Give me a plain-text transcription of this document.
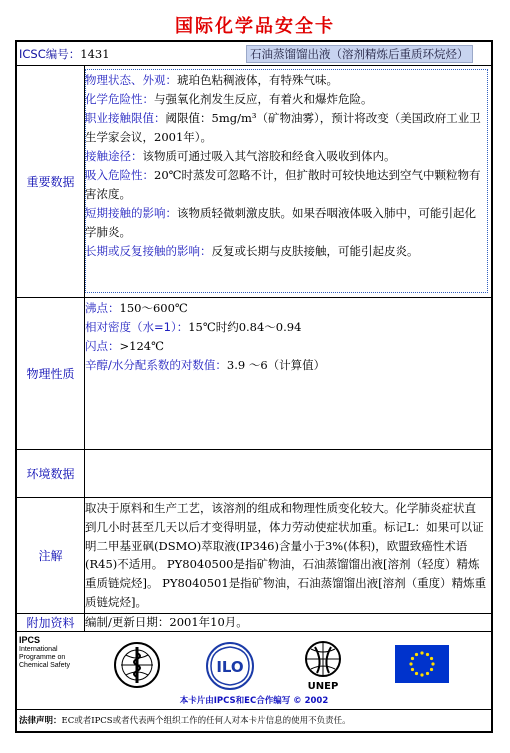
国际化学品安全卡
ICSC编号：1431	石油蒸馏馏出液（溶剂精炼后重质环烷烃）
重要数据
物理状态、外观：琥珀色粘稠液体，有特殊气味。
化学危险性：与强氧化剂发生反应，有着火和爆炸危险。
职业接触限值：阈限值：5mg/m³（矿物油雾），预计将改变（美国政府工业卫生学家会议，2001年）。
接触途径：该物质可通过吸入其气溶胶和经食入吸收到体内。
吸入危险性：20℃时蒸发可忽略不计，但扩散时可较快地达到空气中颗粒物有害浓度。
短期接触的影响：该物质轻微刺激皮肤。如果吞咽液体吸入肺中，可能引起化学肺炎。
长期或反复接触的影响：反复或长期与皮肤接触，可能引起皮炎。
物理性质
沸点：150～600℃
相对密度（水=1）：15℃时约0.84～0.94
闪点：>124℃
辛醇/水分配系数的对数值：3.9 ～6（计算值）
环境数据
注解
取决于原料和生产工艺，该溶剂的组成和物理性质变化较大。化学肺炎症状直到几小时甚至几天以后才变得明显，体力劳动使症状加重。标记L：如果可以证明二甲基亚砜(DSMO)萃取液(IP346)含量小于3%(体积)，欧盟致癌性术语(R45)不适用。 PY8040500是指矿物油，石油蒸馏馏出液[溶剂（轻度）精炼重质链烷烃]。 PY8040501是指矿物油，石油蒸馏馏出液[溶剂（重度）精炼重质链烷烃]。
附加资料 编制/更新日期：2001年10月。
IPCS
International
Programme on
Chemical Safety	ILO
UNEP
本卡片由IPCS和EC合作编写 © 2002
法律声明：EC或者IPCS或者代表两个组织工作的任何人对本卡片信息的使用不负责任。
